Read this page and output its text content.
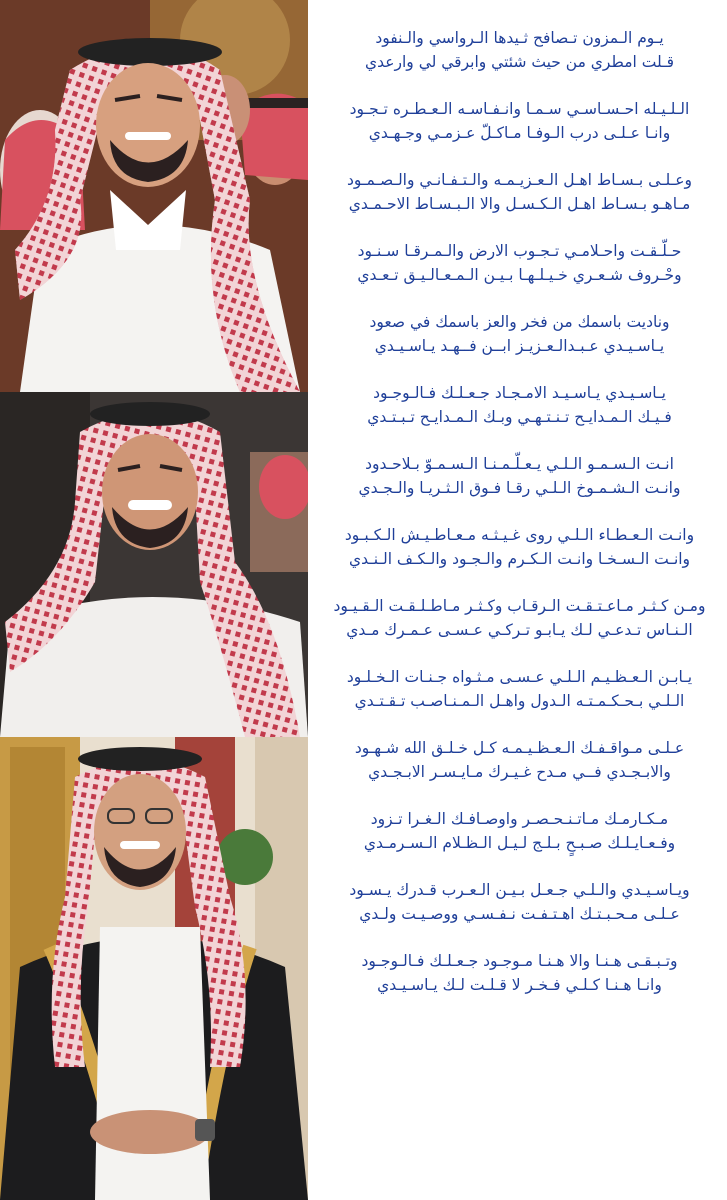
يـوم الـمزون تـصافح ثـيدها الـرواسي والـنفود
قـلت امطري من حيث شئتي وابرقي لي وارعدي
الـلـيـله احـسـاسـي سـمـا وانـفـاسـه الـعـطـره تـجـود
وانـا عـلـى درب الـوفـا مـاكـلّ عـزمـي وجـهـدي
وعـلـى بـسـاط اهـل الـعـزيـمـه والـتـفـانـي والـصـمـود
مـاهـو بـسـاط اهـل الـكـسـل والا الـبـسـاط الاحـمـدي
حـلّـقـت واحـلامـي تـجـوب الارض والـمـرقـا سـنـود
وحْـروف شـعـري خـيـلـهـا بـيـن الـمـعـالـيـق تـعـدي
وناديت باسمك من فخر والعز باسمك في صعود
يـاسـيـدي عـبـدالـعـزيـز ابــن فــهـد يـاسـيـدي
يـاسـيـدي يـاسـيـد الامـجـاد جـعـلـك فـالـوجـود
فـيـك الـمـدايـح تـنـتـهـي وبـك الـمـدايـح تـبـتـدي
انـت الـسـمـو الـلـي يـعـلّـمـنـا الـسـمـوّ بـلاحـدود
وانـت الـشـمـوخ الـلـي رقـا فـوق الـثـريـا والـجـدي
وانـت الـعـطـاء الـلـي روى غـيـثـه مـعـاطـيـش الـكـبـود
وانـت الـسـخـا وانـت الـكـرم والـجـود والـكـف الـنـدي
ومـن كـثـر مـاعـتـقـت الـرقـاب وكـثـر مـاطـلـقـت الـقـيـود
الـنـاس تـدعـي لـك يـابـو تـركـي عـسـى عـمـرك مـدي
يـابـن الـعـظـيـم الـلـي عـسـى مـثـواه جـنـات الـخـلـود
الـلـي بـحـكـمـتـه الـدول واهـل الـمـنـاصـب تـقـتـدي
عـلـى مـواقـفـك الـعـظـيـمـه كـل خـلـق الله شـهـود
والابـجـدي فــي مـدح غـيـرك مـايـسـر الابـجـدي
مـكـارمـك مـاتـنـحـصـر واوصـافـك الـغـرا تـزود
وفـعـايـلـك صـبـحٍ بـلـج لـيـل الـظـلام الـسـرمـدي
ويـاسـيـدي والـلـي جـعـل بـيـن الـعـرب قـدرك يـسـود
عـلـى مـحـبـتـك اهـتـفـت نـفـسـي ووصـيـت ولـدي
وتـبـقـى هـنـا والا هـنـا مـوجـود جـعـلـك فـالـوجـود
وانـا هـنـا كـلـي فـخـر لا قـلـت لـك يـاسـيـدي
